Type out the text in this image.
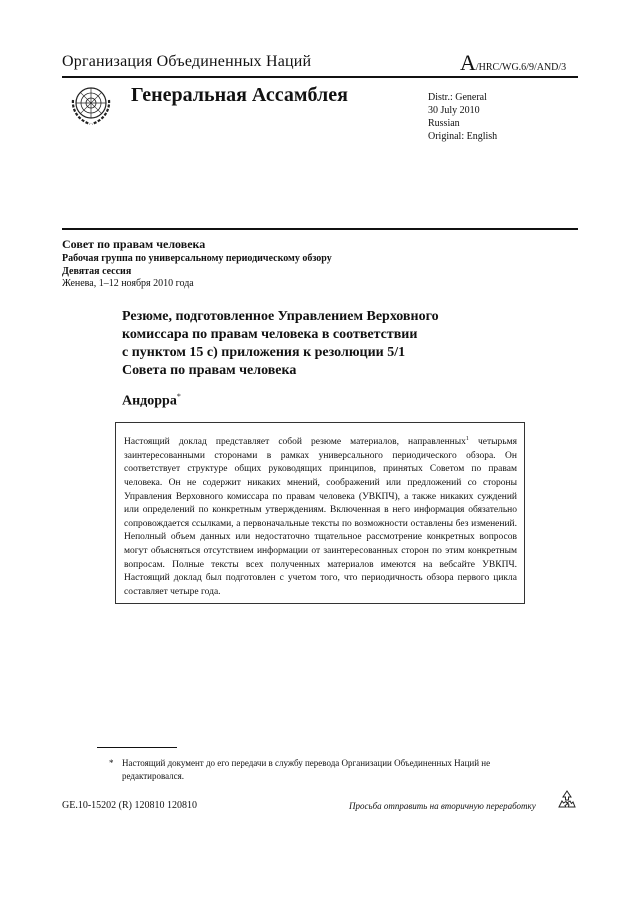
Организация Объединенных Наций	A/HRC/WG.6/9/AND/3
Генеральная Ассамблея	Distr.: General
30 July 2010
Russian
Original: English
Совет по правам человека
Рабочая группа по универсальному периодическому обзору
Девятая сессия
Женева, 1–12 ноября 2010 года
Резюме, подготовленное Управлением Верховного
комиссара по правам человека в соответствии
с пунктом 15 с) приложения к резолюции 5/1
Совета по правам человека
Андорра*

Настоящий доклад представляет собой резюме материалов, направленных$^1$ четырьмя заинтересованными сторонами в рамках универсального периодического обзора. Он соответствует структуре общих руководящих принципов, принятых Советом по правам человека. Он не содержит никаких мнений, соображений или предложений со стороны Управления Верховного комиссара по правам человека (УВКПЧ), а также никаких суждений или определений по конкретным утверждениям. Включенная в него информация обязательно сопровождается ссылками, а первоначальные тексты по возможности оставлены без изменений. Неполный объем данных или недостаточно тщательное рассмотрение конкретных вопросов могут объясняться отсутствием информации от заинтересованных сторон по этим конкретным вопросам. Полные тексты всех полученных материалов имеются на вебсайте УВКПЧ. Настоящий доклад был подготовлен с учетом того, что периодичность обзора первого цикла составляет четыре года.

* Настоящий документ до его передачи в службу перевода Организации Объединенных Наций не редактировался.
GE.10-15202 (R) 120810 120810	Просьба отправить на вторичную переработку
